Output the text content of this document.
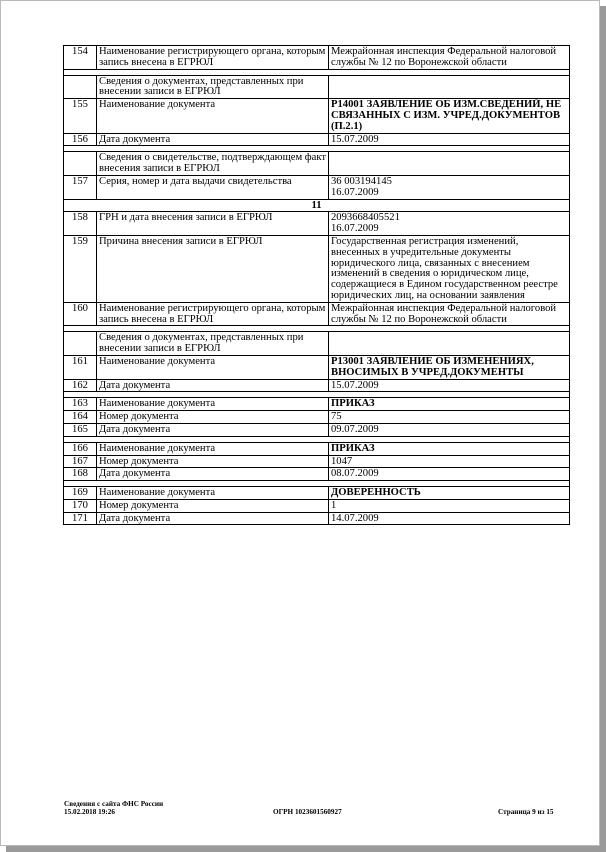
154	Наименование регистрирующего органа, которым запись внесена в ЕГРЮЛ	Межрайонная инспекция Федеральной налоговой службы № 12 по Воронежской области

	Сведения о документах, представленных при внесении записи в ЕГРЮЛ	
155	Наименование документа	Р14001 ЗАЯВЛЕНИЕ ОБ ИЗМ.СВЕДЕНИЙ, НЕ СВЯЗАННЫХ С ИЗМ. УЧРЕД.ДОКУМЕНТОВ (П.2.1)
156	Дата документа	15.07.2009

	Сведения о свидетельстве, подтверждающем факт внесения записи в ЕГРЮЛ	
157	Серия, номер и дата выдачи свидетельства	36 003194145
16.07.2009
11		
158	ГРН и дата внесения записи в ЕГРЮЛ	2093668405521
16.07.2009
159	Причина внесения записи в ЕГРЮЛ	Государственная регистрация изменений, внесенных в учредительные документы юридического лица, связанных с внесением изменений в сведения о юридическом лице, содержащиеся в Едином государственном реестре юридических лиц, на основании заявления
160	Наименование регистрирующего органа, которым запись внесена в ЕГРЮЛ	Межрайонная инспекция Федеральной налоговой службы № 12 по Воронежской области

	Сведения о документах, представленных при внесении записи в ЕГРЮЛ	
161	Наименование документа	Р13001 ЗАЯВЛЕНИЕ ОБ ИЗМЕНЕНИЯХ, ВНОСИМЫХ В УЧРЕД.ДОКУМЕНТЫ
162	Дата документа	15.07.2009

163	Наименование документа	ПРИКАЗ
164	Номер документа	75
165	Дата документа	09.07.2009

166	Наименование документа	ПРИКАЗ
167	Номер документа	1047
168	Дата документа	08.07.2009

169	Наименование документа	ДОВЕРЕННОСТЬ
170	Номер документа	1
171	Дата документа	14.07.2009
Сведения с сайта ФНС России
15.02.2018 19:26	ОГРН 1023601560927	Страница 9 из 15
